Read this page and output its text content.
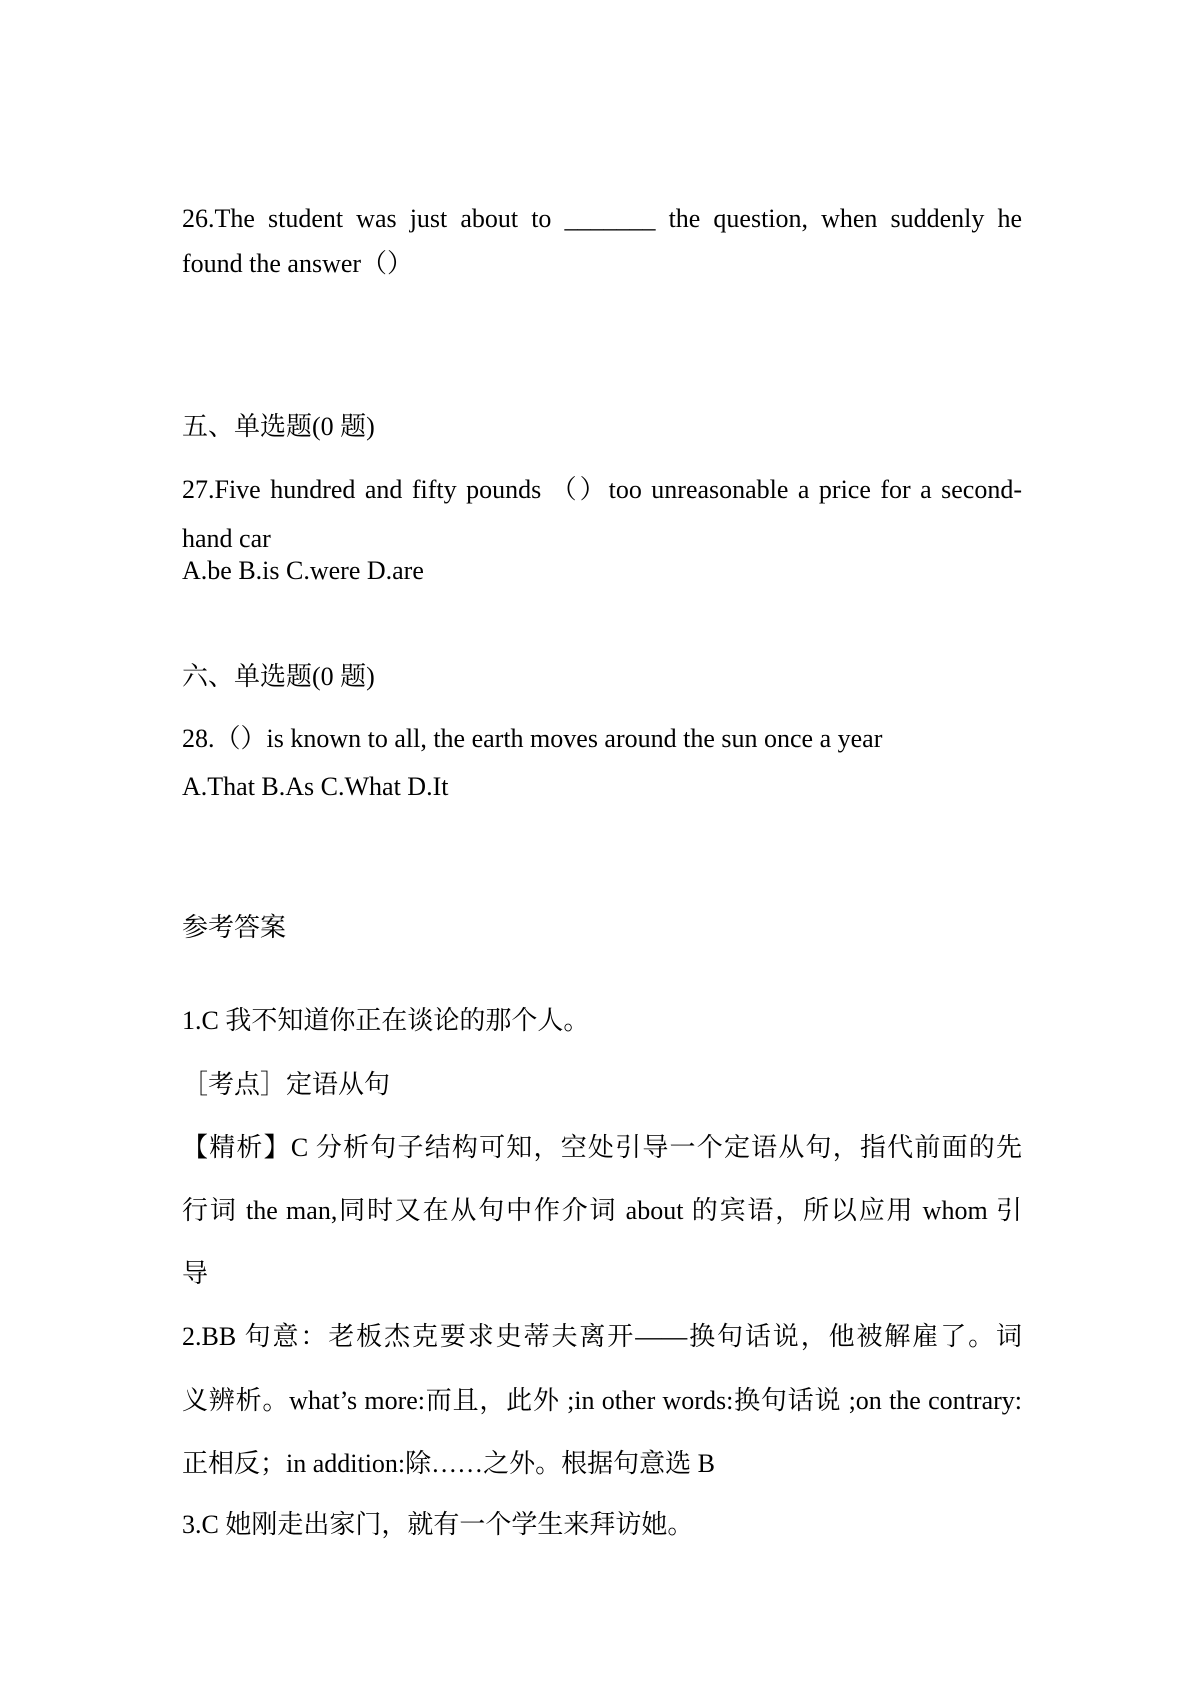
26.The student was just about to _______ the question, when suddenly he
found the answer（）
五、单选题(0 题)
27.Five hundred and fifty pounds （）too unreasonable a price for a second-
hand car
A.be B.is C.were D.are
六、单选题(0 题)
28.（）is known to all, the earth moves around the sun once a year
A.That B.As C.What D.It
参考答案
1.C 我不知道你正在谈论的那个人。
［考点］定语从句
【精析】C 分析句子结构可知，空处引导一个定语从句，指代前面的先
行词 the man,同时又在从句中作介词 about 的宾语，所以应用 whom 引
导
2.BB 句意：老板杰克要求史蒂夫离开——换句话说，他被解雇了。词
义辨析。what’s more:而且，此外 ;in other words:换句话说 ;on the contrary:
正相反；in addition:除……之外。根据句意选 B
3.C 她刚走出家门，就有一个学生来拜访她。
